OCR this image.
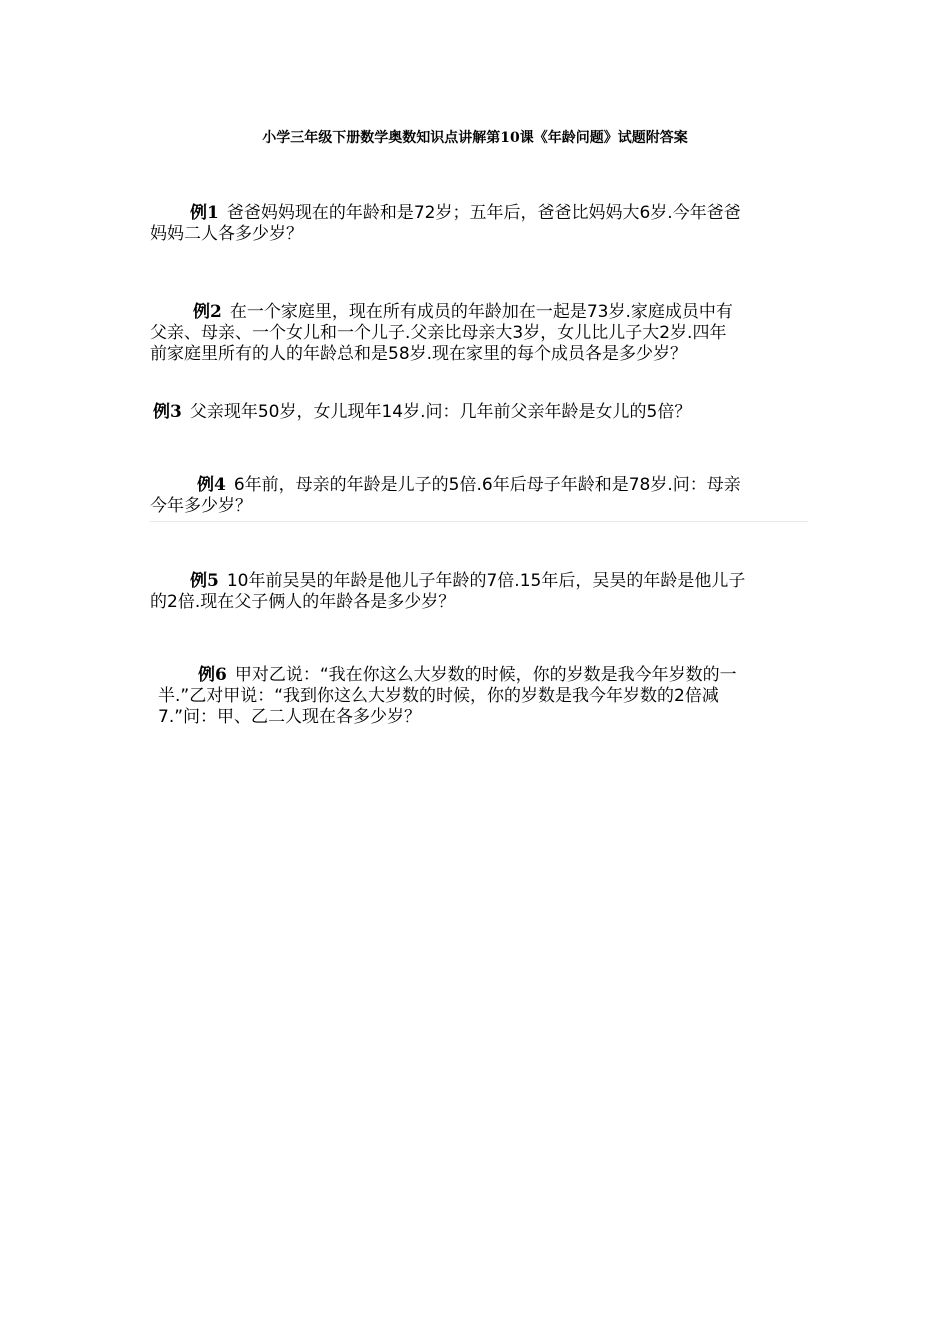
小学三年级下册数学奥数知识点讲解第10课《年龄问题》试题附答案
例1 爸爸妈妈现在的年龄和是72岁；五年后，爸爸比妈妈大6岁.今年爸爸
妈妈二人各多少岁？
例2 在一个家庭里，现在所有成员的年龄加在一起是73岁.家庭成员中有
父亲、母亲、一个女儿和一个儿子.父亲比母亲大3岁，女儿比儿子大2岁.四年
前家庭里所有的人的年龄总和是58岁.现在家里的每个成员各是多少岁？
例3 父亲现年50岁，女儿现年14岁.问：几年前父亲年龄是女儿的5倍？
例4 6年前，母亲的年龄是儿子的5倍.6年后母子年龄和是78岁.问：母亲
今年多少岁？
例5 10年前吴昊的年龄是他儿子年龄的7倍.15年后，吴昊的年龄是他儿子
的2倍.现在父子俩人的年龄各是多少岁？
例6 甲对乙说：“我在你这么大岁数的时候，你的岁数是我今年岁数的一
半.”乙对甲说：“我到你这么大岁数的时候，你的岁数是我今年岁数的2倍减
7.”问：甲、乙二人现在各多少岁？
